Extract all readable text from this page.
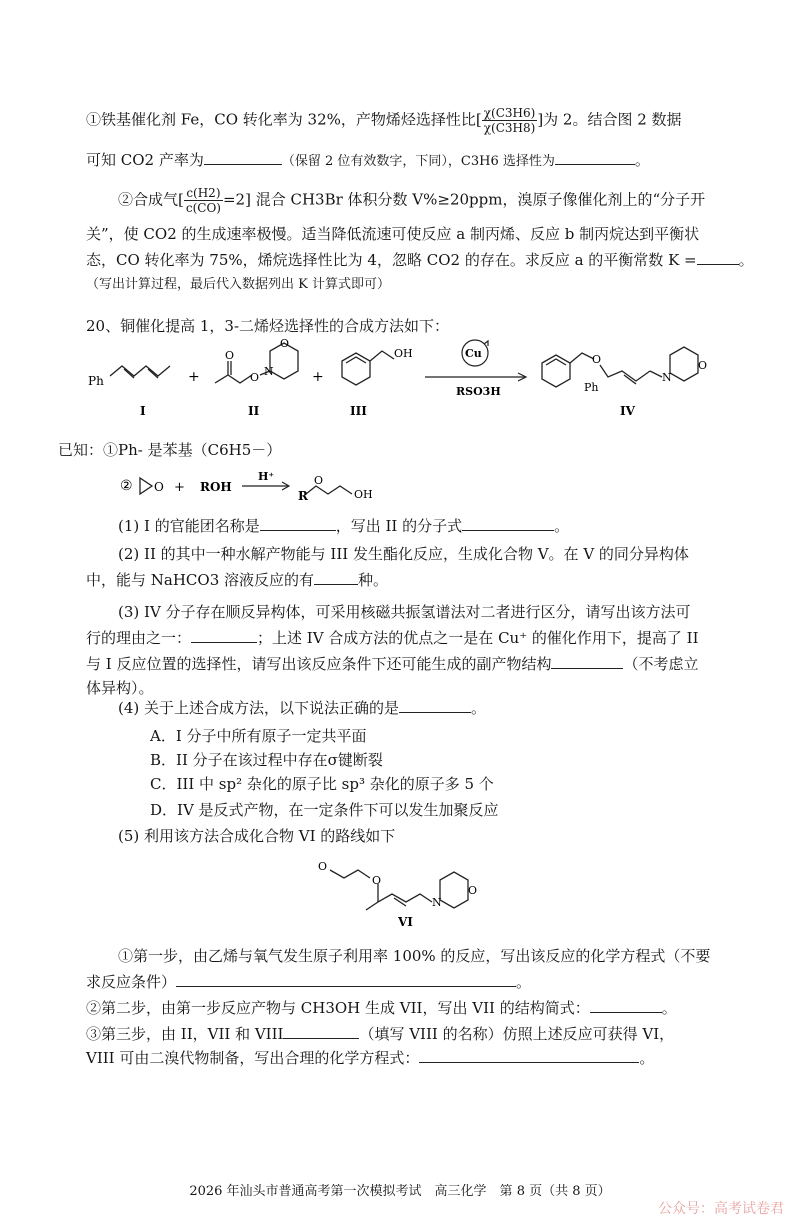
①铁基催化剂 Fe，CO 转化率为 32%，产物烯烃选择性比[ $\frac{\chi(C3H6)}{\chi(C3H8)}$ ]为 2。结合图 2 数据
可知 CO2 产率为	（保留 2 位有效数字，下同），C3H6 选择性为	。
②合成气[ $\frac{c(H2)}{c(CO)} =2$] 混合 CH3Br 体积分数 V%≥20ppm，溴原子像催化剂上的“分子开
关”，使 CO2 的生成速率极慢。适当降低流速可使反应 a 制丙烯、反应 b 制丙烷达到平衡状
态，CO 转化率为 75%，烯烷选择性比为 4，忽略 CO2 的存在。求反应 a 的平衡常数 K =	。
（写出计算过程，最后代入数据列出 K 计算式即可）
20、铜催化提高 1，3-二烯烃选择性的合成方法如下：
Ph
I
+
O
O N
O
II
+
OH
III
Cu
RSO3H
O
Ph
N
O
IV
已知：①Ph- 是苯基（C6H5－）
② O + ROH
H⁺
R
O
OH
(1) I 的官能团名称是	，写出 II 的分子式	。
(2) II 的其中一种水解产物能与 III 发生酯化反应，生成化合物 V。在 V 的同分异构体
中，能与 NaHCO3 溶液反应的有	种。
(3) IV 分子存在顺反异构体，可采用核磁共振氢谱法对二者进行区分，请写出该方法可
行的理由之一：	；上述 IV 合成方法的优点之一是在 Cu⁺ 的催化作用下，提高了 II
与 I 反应位置的选择性，请写出该反应条件下还可能生成的副产物结构	（不考虑立
体异构）。
(4) 关于上述合成方法，以下说法正确的是	。
A．I 分子中所有原子一定共平面
B．II 分子在该过程中存在σ键断裂
C．III 中 sp² 杂化的原子比 sp³ 杂化的原子多 5 个
D．IV 是反式产物，在一定条件下可以发生加聚反应
(5) 利用该方法合成化合物 VI 的路线如下
O
O
N
O
VI
①第一步，由乙烯与氧气发生原子利用率 100% 的反应，写出该反应的化学方程式（不要
求反应条件）	。
②第二步，由第一步反应产物与 CH3OH 生成 VII，写出 VII 的结构简式：	。
③第三步，由 II，VII 和 VIII	（填写 VIII 的名称）仿照上述反应可获得 VI，
VIII 可由二溴代物制备，写出合理的化学方程式：	。
2026 年汕头市普通高考第一次模拟考试　高三化学　第 8 页（共 8 页）
公众号：高考试卷君
